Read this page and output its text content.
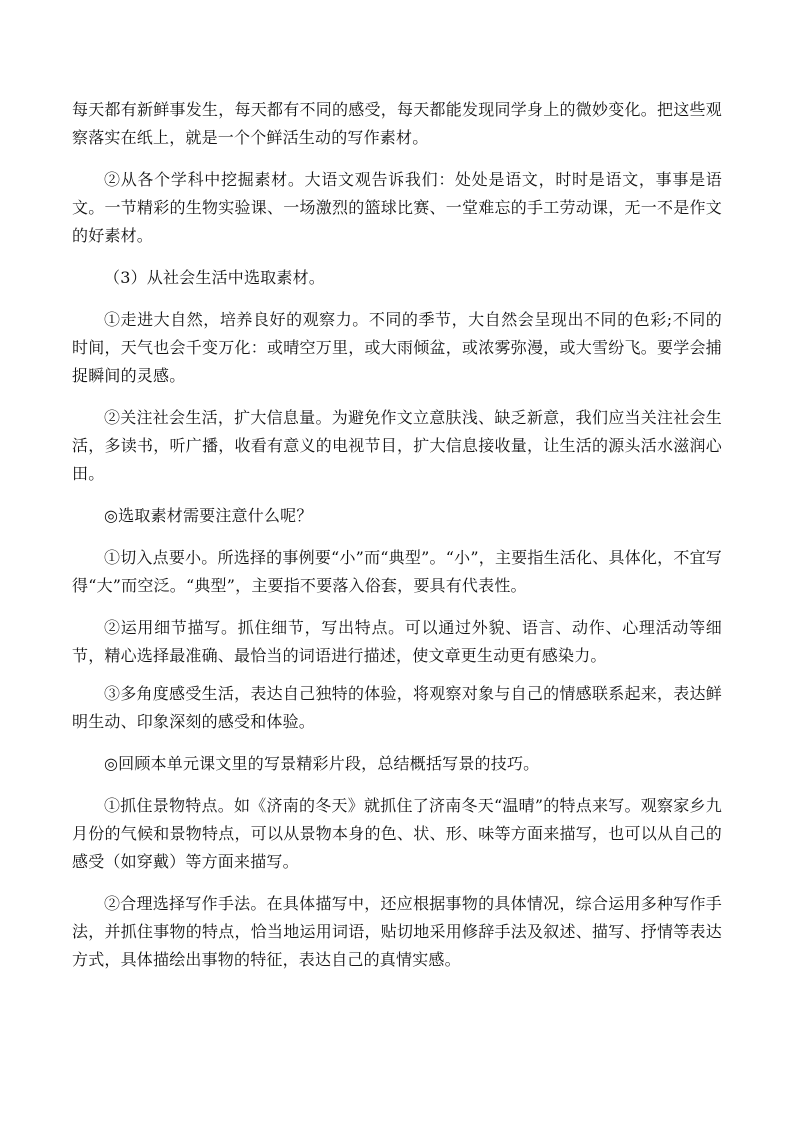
每天都有新鲜事发生，每天都有不同的感受，每天都能发现同学身上的微妙变化。把这些观察落实在纸上，就是一个个鲜活生动的写作素材。

②从各个学科中挖掘素材。大语文观告诉我们：处处是语文，时时是语文，事事是语文。一节精彩的生物实验课、一场激烈的篮球比赛、一堂难忘的手工劳动课，无一不是作文的好素材。

（3）从社会生活中选取素材。

①走进大自然，培养良好的观察力。不同的季节，大自然会呈现出不同的色彩;不同的时间，天气也会千变万化：或晴空万里，或大雨倾盆，或浓雾弥漫，或大雪纷飞。要学会捕捉瞬间的灵感。

②关注社会生活，扩大信息量。为避免作文立意肤浅、缺乏新意，我们应当关注社会生活，多读书，听广播，收看有意义的电视节目，扩大信息接收量，让生活的源头活水滋润心田。

◎选取素材需要注意什么呢？

①切入点要小。所选择的事例要“小”而“典型”。“小”，主要指生活化、具体化，不宜写得“大”而空泛。“典型”，主要指不要落入俗套，要具有代表性。

②运用细节描写。抓住细节，写出特点。可以通过外貌、语言、动作、心理活动等细节，精心选择最准确、最恰当的词语进行描述，使文章更生动更有感染力。

③多角度感受生活，表达自己独特的体验，将观察对象与自己的情感联系起来，表达鲜明生动、印象深刻的感受和体验。

◎回顾本单元课文里的写景精彩片段，总结概括写景的技巧。

①抓住景物特点。如《济南的冬天》就抓住了济南冬天“温晴”的特点来写。观察家乡九月份的气候和景物特点，可以从景物本身的色、状、形、味等方面来描写，也可以从自己的感受（如穿戴）等方面来描写。

②合理选择写作手法。在具体描写中，还应根据事物的具体情况，综合运用多种写作手法，并抓住事物的特点，恰当地运用词语，贴切地采用修辞手法及叙述、描写、抒情等表达方式，具体描绘出事物的特征，表达自己的真情实感。
